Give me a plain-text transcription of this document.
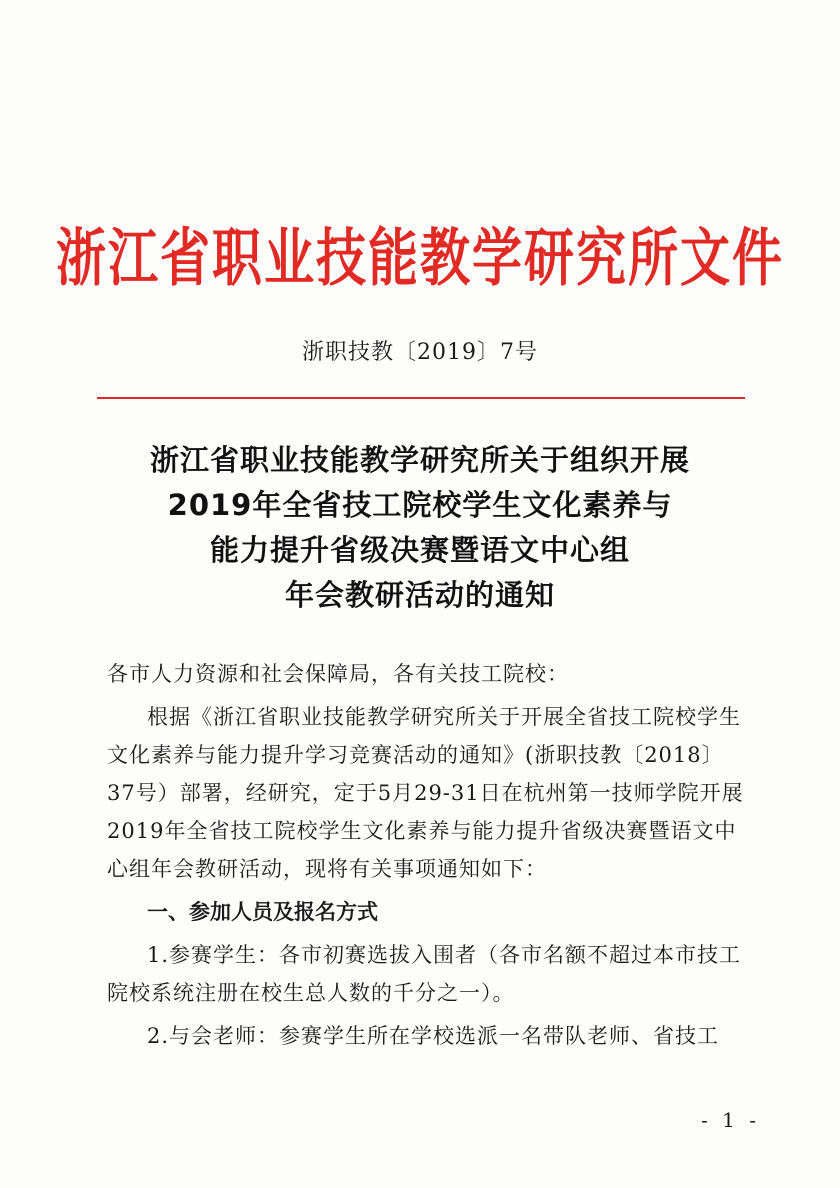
浙江省职业技能教学研究所文件
浙职技教〔2019〕7号
浙江省职业技能教学研究所关于组织开展
2019年全省技工院校学生文化素养与
能力提升省级决赛暨语文中心组
年会教研活动的通知

各市人力资源和社会保障局，各有关技工院校：

根据《浙江省职业技能教学研究所关于开展全省技工院校学生文化素养与能力提升学习竞赛活动的通知》(浙职技教〔2018〕37号）部署，经研究，定于5月29-31日在杭州第一技师学院开展2019年全省技工院校学生文化素养与能力提升省级决赛暨语文中心组年会教研活动，现将有关事项通知如下：

一、参加人员及报名方式

1.参赛学生：各市初赛选拔入围者（各市名额不超过本市技工院校系统注册在校生总人数的千分之一）。

2.与会老师：参赛学生所在学校选派一名带队老师、省技工

- 1 -
